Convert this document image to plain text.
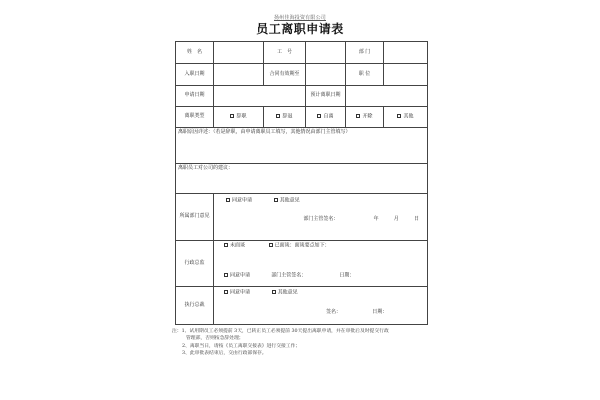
扬州佳海投资有限公司
员工离职申请表
姓　名		工　号		部 门	
入职日期		合同有效期至		职 位	
申请日期			预计离职日期		
离职类型	辞职	辞退	自离	开除	其他
离职原因详述：（若是辞职，由申请离职员工填写，其他情况由部门主管填写）					
离职员工对公司的建议：					
所属部门意见	同意申请 其他意见
部门主管签名： 年 月 日				

行政总监	未面谈 已面谈：面谈要点如下：
同意申请 部门主管签名： 日期：				

执行总裁	同意申请 其他意见
签名： 日期：				
注：1、试用期员工必须提前 3天，已转正员工必须提前 30天提出离职申请，并在审批后及时提交行政
管理部，否则按急辞处理；
2、离职当日，请按《员工离职交接表》进行交接工作；
3、此审批表结束后，交由行政部保存。
